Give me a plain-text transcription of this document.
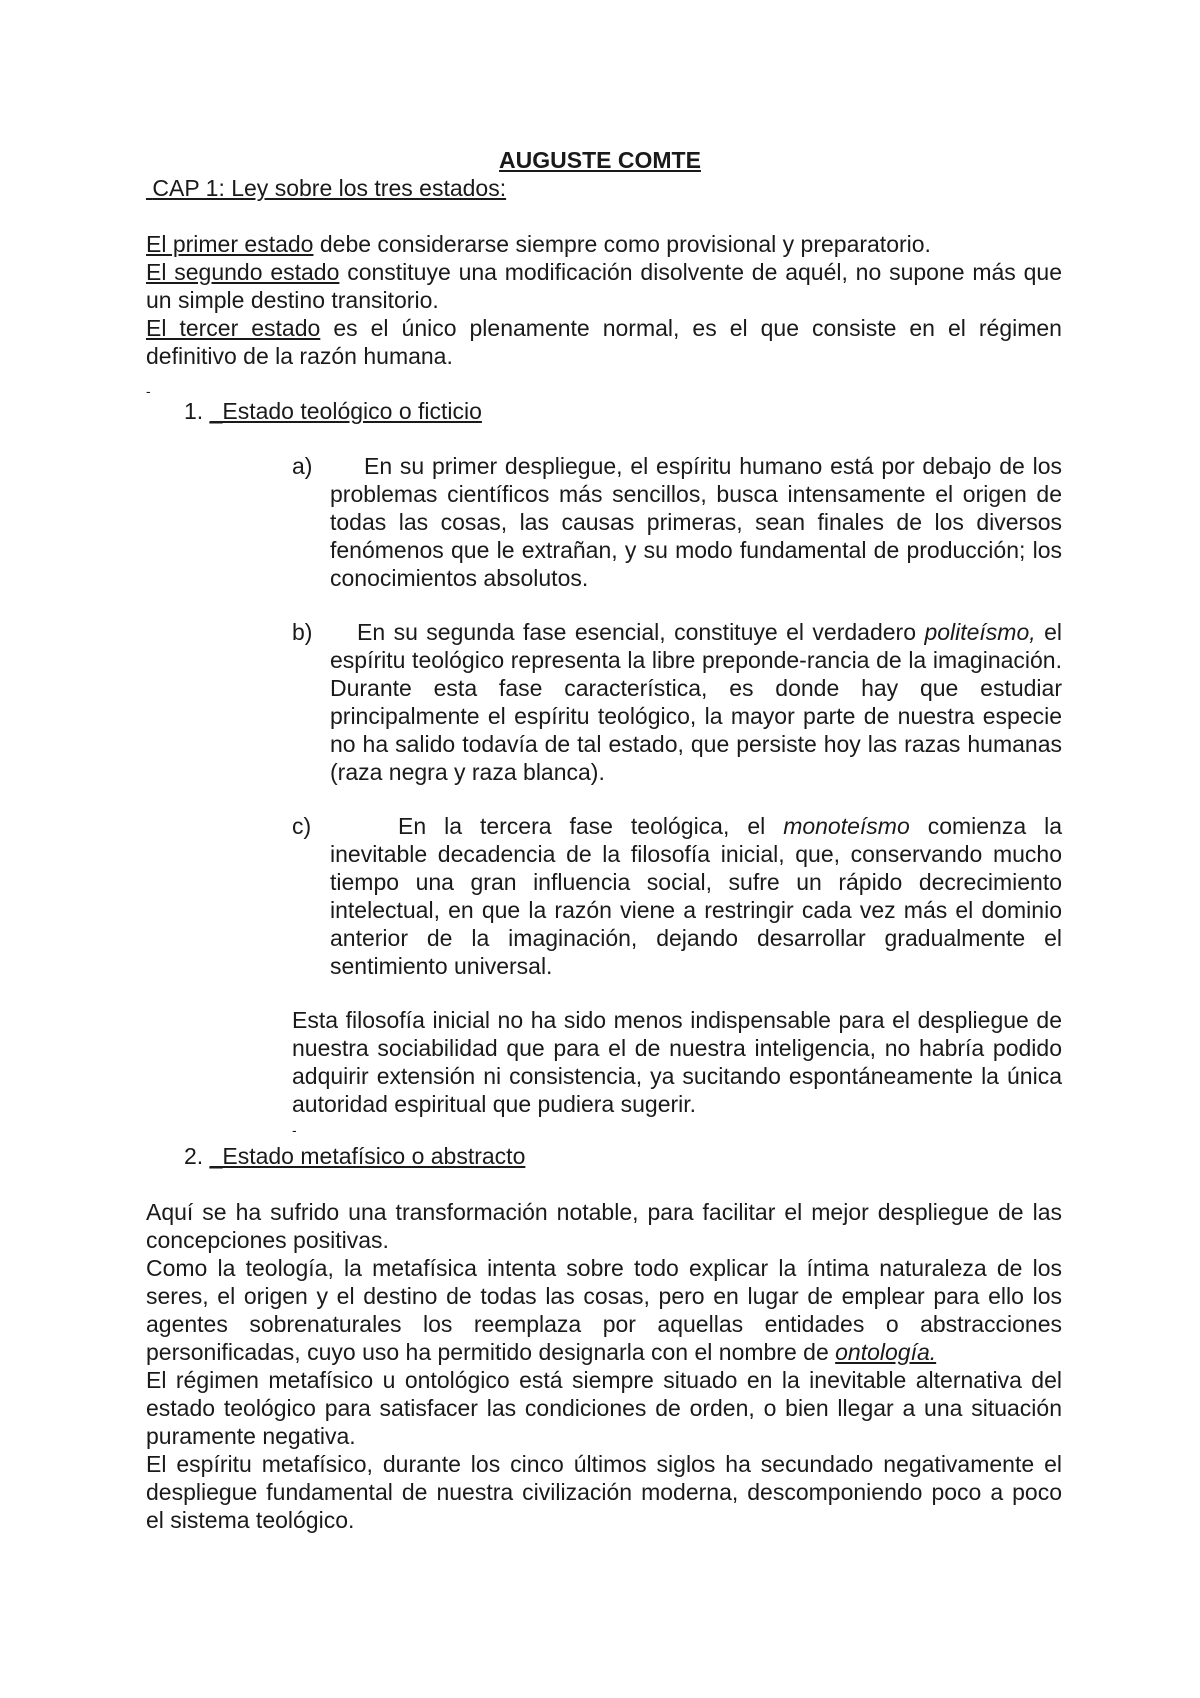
AUGUSTE COMTE
CAP 1: Ley sobre los tres estados:

El primer estado debe considerarse siempre como provisional y preparatorio.

El segundo estado constituye una modificación disolvente de aquél, no supone más que un simple destino transitorio.

El tercer estado es el único plenamente normal, es el que consiste en el régimen definitivo de la razón humana.

-
1. _Estado teológico o ficticio
a)	En su primer despliegue, el espíritu humano está por debajo de los problemas científicos más sencillos, busca intensamente el origen de todas las cosas, las causas primeras, sean finales de los diversos fenómenos que le extrañan, y su modo fundamental de producción; los conocimientos absolutos.
b)	En su segunda fase esencial, constituye el verdadero politeísmo, el espíritu teológico representa la libre preponde-rancia de la imaginación. Durante esta fase característica, es donde hay que estudiar principalmente el espíritu teológico, la mayor parte de nuestra especie no ha salido todavía de tal estado, que persiste hoy las razas humanas (raza negra y raza blanca).
c)	En la tercera fase teológica, el monoteísmo comienza la inevitable decadencia de la filosofía inicial, que, conservando mucho tiempo una gran influencia social, sufre un rápido decrecimiento intelectual, en que la razón viene a restringir cada vez más el dominio anterior de la imaginación, dejando desarrollar gradualmente el sentimiento universal.
Esta filosofía inicial no ha sido menos indispensable para el despliegue de nuestra sociabilidad que para el de nuestra inteligencia, no habría podido adquirir extensión ni consistencia, ya sucitando espontáneamente la única autoridad espiritual que pudiera sugerir.
-
2. _Estado metafísico o abstracto

Aquí se ha sufrido una transformación notable, para facilitar el mejor despliegue de las concepciones positivas.

Como la teología, la metafísica intenta sobre todo explicar la íntima naturaleza de los seres, el origen y el destino de todas las cosas, pero en lugar de emplear para ello los agentes sobrenaturales los reemplaza por aquellas entidades o abstracciones personificadas, cuyo uso ha permitido designarla con el nombre de ontología.

El régimen metafísico u ontológico está siempre situado en la inevitable alternativa del estado teológico para satisfacer las condiciones de orden, o bien llegar a una situación puramente negativa.

El espíritu metafísico, durante los cinco últimos siglos ha secundado negativamente el despliegue fundamental de nuestra civilización moderna, descomponiendo poco a poco el sistema teológico.
